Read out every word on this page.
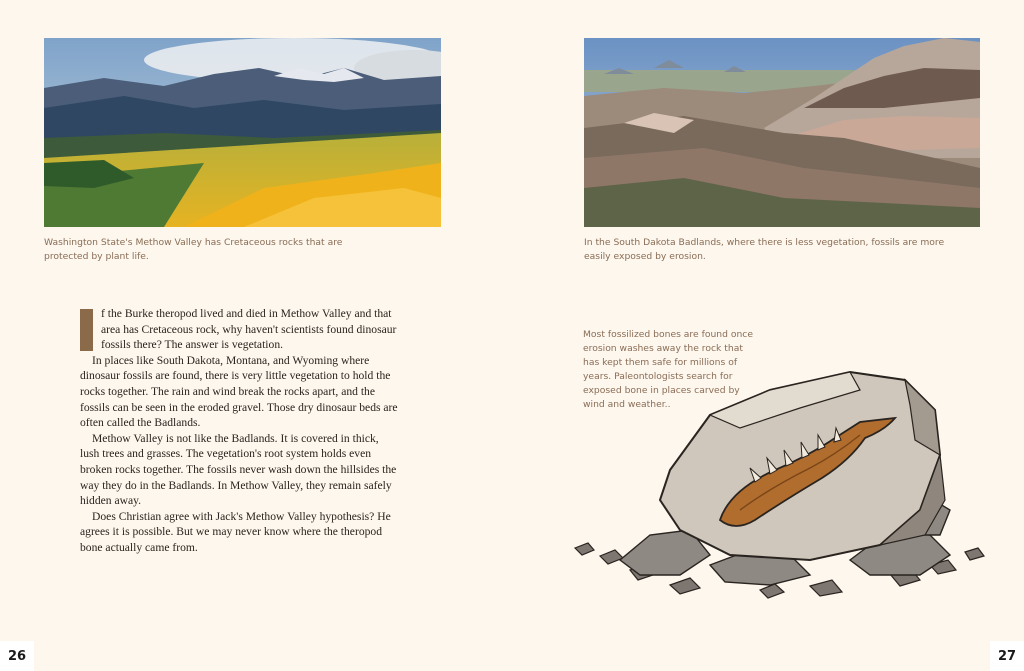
Washington State's Methow Valley has Cretaceous rocks that are protected by plant life.
In the South Dakota Badlands, where there is less vegetation, fossils are more easily exposed by erosion.

f the Burke theropod lived and died in Methow Valley and that area has Cretaceous rock, why haven't scientists found dinosaur fossils there? The answer is vegetation.

In places like South Dakota, Montana, and Wyoming where dinosaur fossils are found, there is very little vegetation to hold the rocks together. The rain and wind break the rocks apart, and the fossils can be seen in the eroded gravel. Those dry dinosaur beds are often called the Badlands.

Methow Valley is not like the Badlands. It is covered in thick, lush trees and grasses. The vegetation's root system holds even broken rocks together. The fossils never wash down the hillsides the way they do in the Badlands. In Methow Valley, they remain safely hidden away.

Does Christian agree with Jack's Methow Valley hypothesis? He agrees it is possible. But we may never know where the theropod bone actually came from.

Most fossilized bones are found once erosion washes away the rock that has kept them safe for millions of years. Paleontologists search for exposed bone in places carved by wind and weather..
26	27
